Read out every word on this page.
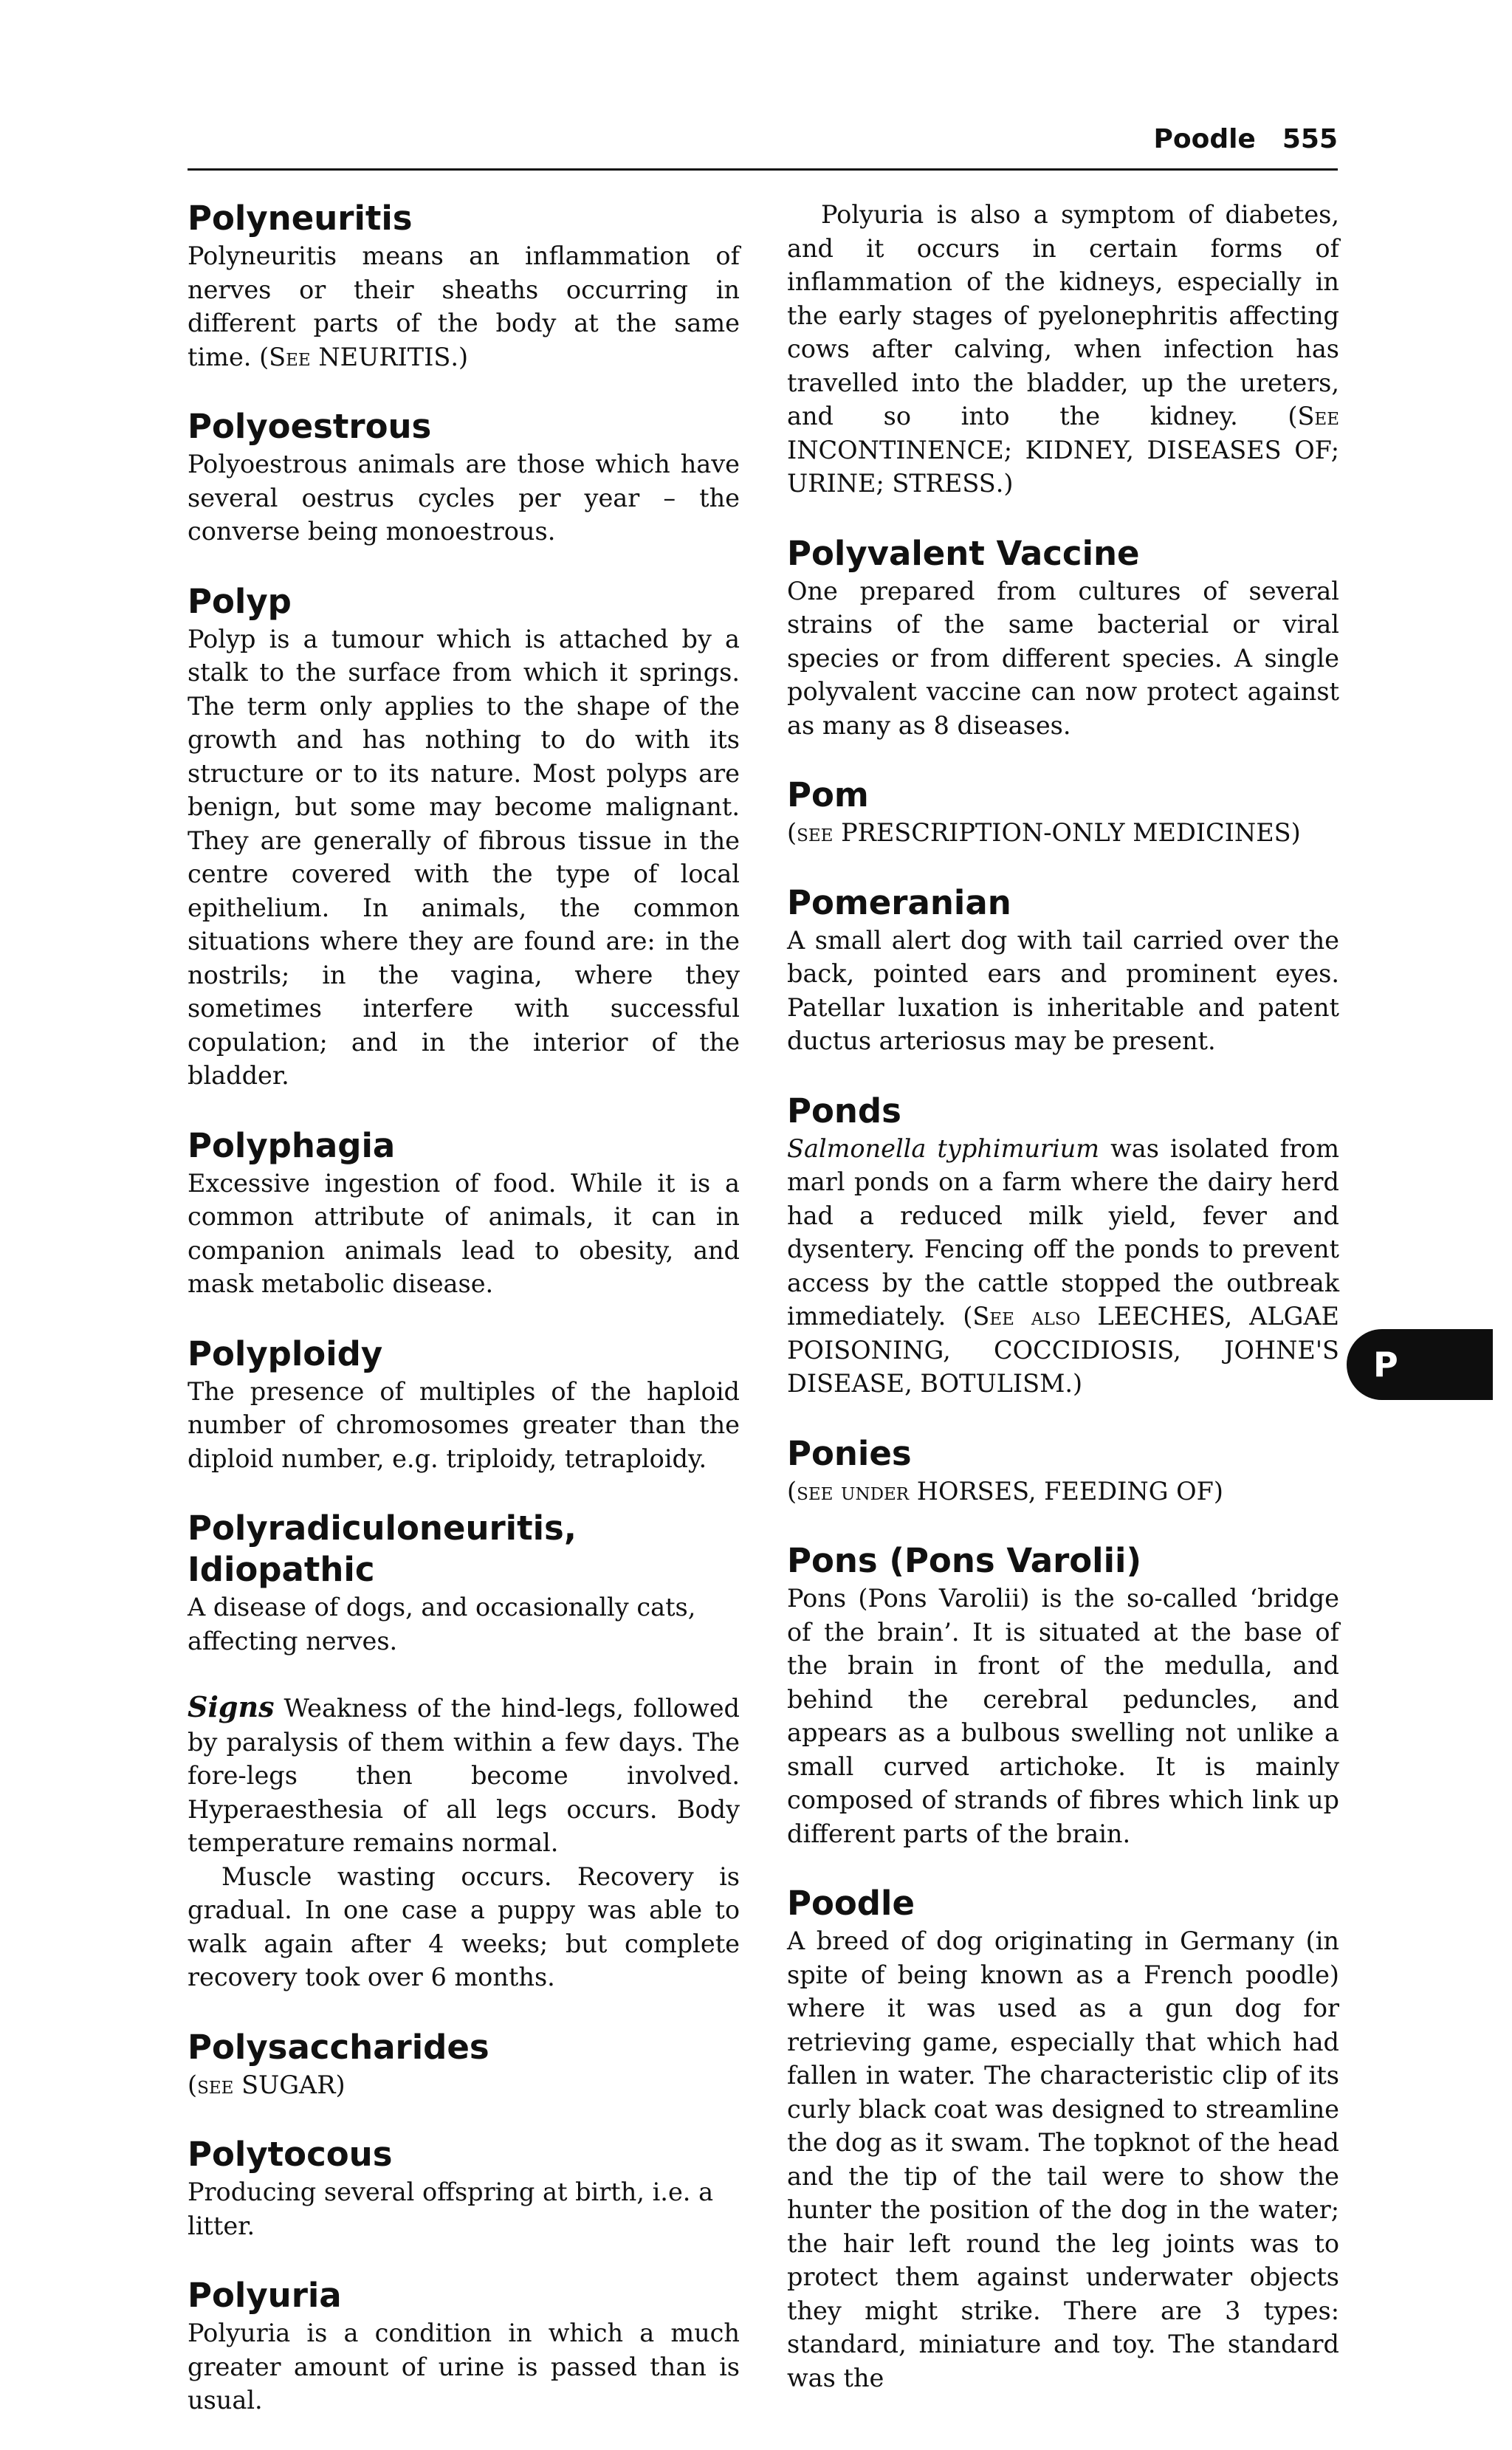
Poodle 555
Polyneuritis

Polyneuritis means an inflammation of nerves or their sheaths occurring in different parts of the body at the same time. (See NEURITIS.)

Polyoestrous

Polyoestrous animals are those which have several oestrus cycles per year – the converse being monoestrous.

Polyp

Polyp is a tumour which is attached by a stalk to the surface from which it springs. The term only applies to the shape of the growth and has nothing to do with its structure or to its nature. Most polyps are benign, but some may become malignant. They are generally of fibrous tissue in the centre covered with the type of local epithelium. In animals, the common situations where they are found are: in the nostrils; in the vagina, where they sometimes interfere with successful copulation; and in the interior of the bladder.

Polyphagia

Excessive ingestion of food. While it is a common attribute of animals, it can in companion animals lead to obesity, and mask metabolic disease.

Polyploidy

The presence of multiples of the haploid number of chromosomes greater than the diploid number, e.g. triploidy, tetraploidy.

Polyradiculoneuritis, Idiopathic

A disease of dogs, and occasionally cats, affecting nerves.

Signs Weakness of the hind-legs, followed by paralysis of them within a few days. The fore-legs then become involved. Hyperaesthesia of all legs occurs. Body temperature remains normal.

Muscle wasting occurs. Recovery is gradual. In one case a puppy was able to walk again after 4 weeks; but complete recovery took over 6 months.

Polysaccharides

(see SUGAR)

Polytocous

Producing several offspring at birth, i.e. a litter.

Polyuria

Polyuria is a condition in which a much greater amount of urine is passed than is usual.

Polyuria is also a symptom of diabetes, and it occurs in certain forms of inflammation of the kidneys, especially in the early stages of pyelonephritis affecting cows after calving, when infection has travelled into the bladder, up the ureters, and so into the kidney. (See INCONTINENCE; KIDNEY, DISEASES OF; URINE; STRESS.)

Polyvalent Vaccine

One prepared from cultures of several strains of the same bacterial or viral species or from different species. A single polyvalent vaccine can now protect against as many as 8 diseases.

Pom

(see PRESCRIPTION-ONLY MEDICINES)

Pomeranian

A small alert dog with tail carried over the back, pointed ears and prominent eyes. Patellar luxation is inheritable and patent ductus arteriosus may be present.

Ponds

Salmonella typhimurium was isolated from marl ponds on a farm where the dairy herd had a reduced milk yield, fever and dysentery. Fencing off the ponds to prevent access by the cattle stopped the outbreak immediately. (See also LEECHES, ALGAE POISONING, COCCIDIOSIS, JOHNE'S DISEASE, BOTULISM.)

Ponies

(see under HORSES, FEEDING OF)

Pons (Pons Varolii)

Pons (Pons Varolii) is the so-called ‘bridge of the brain’. It is situated at the base of the brain in front of the medulla, and behind the cerebral peduncles, and appears as a bulbous swelling not unlike a small curved artichoke. It is mainly composed of strands of fibres which link up different parts of the brain.

Poodle

A breed of dog originating in Germany (in spite of being known as a French poodle) where it was used as a gun dog for retrieving game, especially that which had fallen in water. The characteristic clip of its curly black coat was designed to streamline the dog as it swam. The topknot of the head and the tip of the tail were to show the hunter the position of the dog in the water; the hair left round the leg joints was to protect them against underwater objects they might strike. There are 3 types: standard, miniature and toy. The standard was the

P
